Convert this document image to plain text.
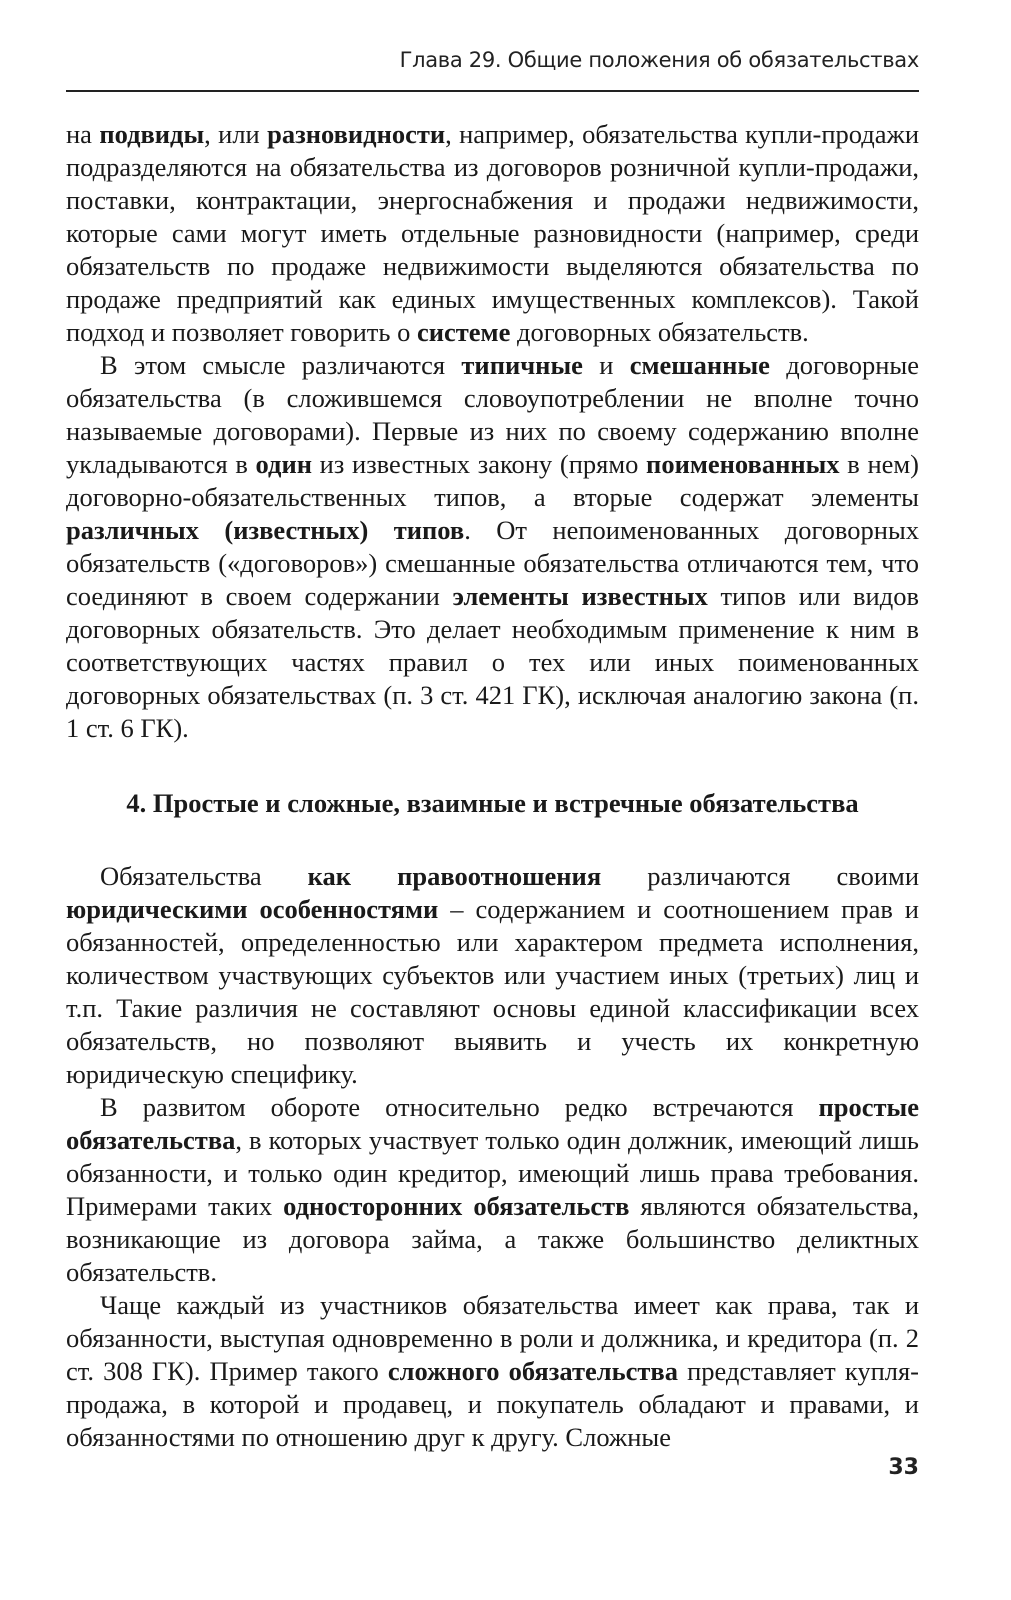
Глава 29. Общие положения об обязательствах

на подвиды, или разновидности, например, обязательства купли-продажи подразделяются на обязательства из договоров розничной купли-продажи, поставки, контрактации, энергоснабжения и продажи недвижимости, которые сами могут иметь отдельные разновидности (например, среди обязательств по продаже недвижимости выделяются обязательства по продаже предприятий как единых имущественных комплексов). Такой подход и позволяет говорить о системе договорных обязательств.

В этом смысле различаются типичные и смешанные договорные обязательства (в сложившемся словоупотреблении не вполне точно называемые договорами). Первые из них по своему содержанию вполне укладываются в один из известных закону (прямо поименованных в нем) договорно-обязательственных типов, а вторые содержат элементы различных (известных) типов. От непоименованных договорных обязательств («договоров») смешанные обязательства отличаются тем, что соединяют в своем содержании элементы известных типов или видов договорных обязательств. Это делает необходимым применение к ним в соответствующих частях правил о тех или иных поименованных договорных обязательствах (п. 3 ст. 421 ГК), исключая аналогию закона (п. 1 ст. 6 ГК).

4. Простые и сложные, взаимные и встречные обязательства

Обязательства как правоотношения различаются своими юридическими особенностями – содержанием и соотношением прав и обязанностей, определенностью или характером предмета исполнения, количеством участвующих субъектов или участием иных (третьих) лиц и т.п. Такие различия не составляют основы единой классификации всех обязательств, но позволяют выявить и учесть их конкретную юридическую специфику.

В развитом обороте относительно редко встречаются простые обязательства, в которых участвует только один должник, имеющий лишь обязанности, и только один кредитор, имеющий лишь права требования. Примерами таких односторонних обязательств являются обязательства, возникающие из договора займа, а также большинство деликтных обязательств.

Чаще каждый из участников обязательства имеет как права, так и обязанности, выступая одновременно в роли и должника, и кредитора (п. 2 ст. 308 ГК). Пример такого сложного обязательства представляет купля-продажа, в которой и продавец, и покупатель обладают и правами, и обязанностями по отношению друг к другу. Сложные

33
